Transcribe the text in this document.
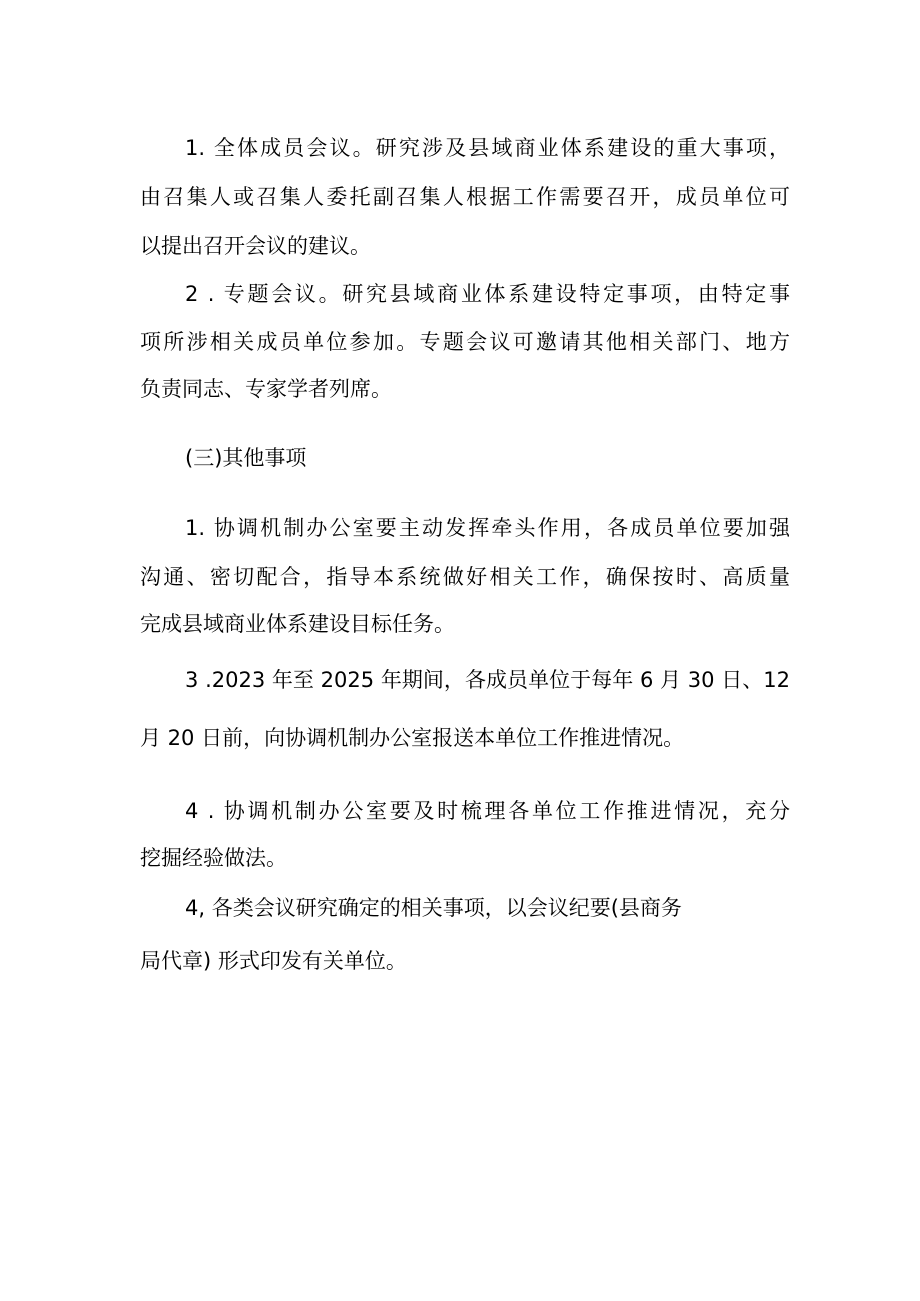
1. 全体成员会议。研究涉及县域商业体系建设的重大事项，
由召集人或召集人委托副召集人根据工作需要召开，成员单位可
以提出召开会议的建议。
2 . 专题会议。研究县域商业体系建设特定事项，由特定事
项所涉相关成员单位参加。专题会议可邀请其他相关部门、地方
负责同志、专家学者列席。
(三)其他事项
1. 协调机制办公室要主动发挥牵头作用，各成员单位要加强
沟通、密切配合，指导本系统做好相关工作，确保按时、高质量
完成县域商业体系建设目标任务。
3 .2023 年至 2025 年期间，各成员单位于每年 6 月 30 日、12
月 20 日前，向协调机制办公室报送本单位工作推进情况。
4 . 协调机制办公室要及时梳理各单位工作推进情况，充分
挖掘经验做法。
4, 各类会议研究确定的相关事项，以会议纪要(县商务
局代章) 形式印发有关单位。
